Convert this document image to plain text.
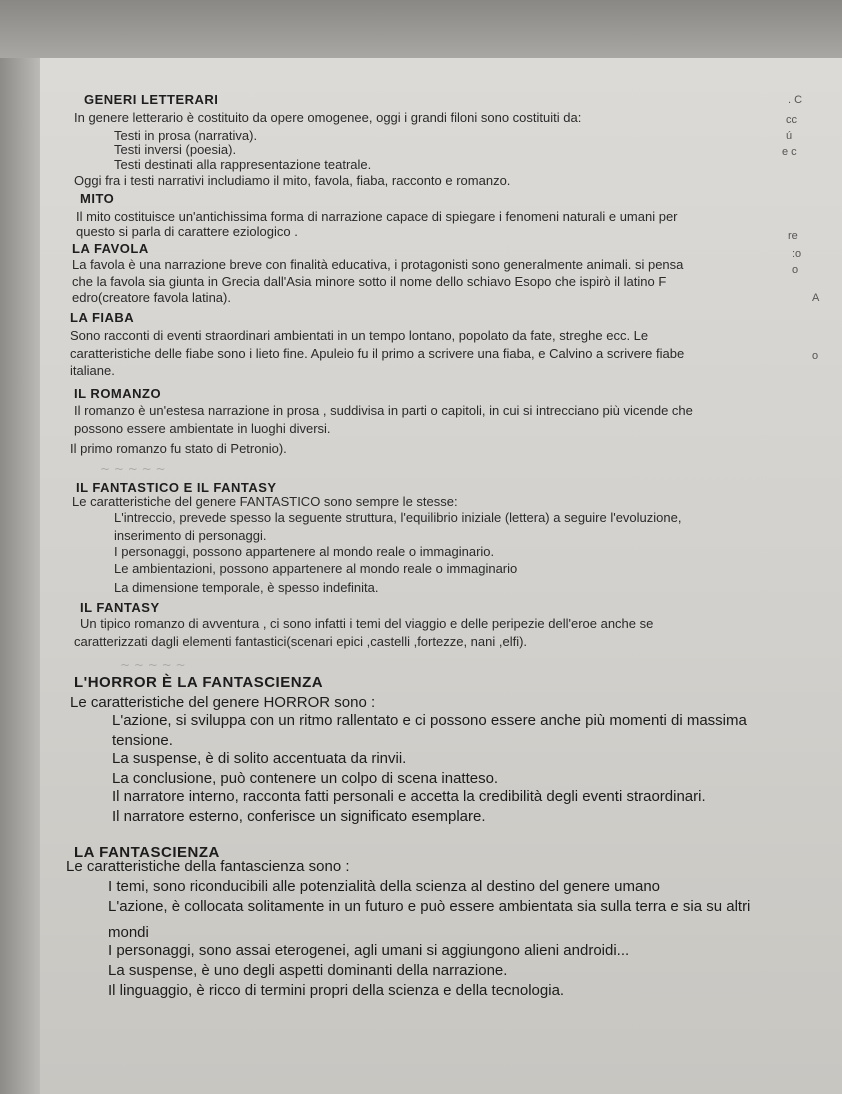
GENERI LETTERARI
In genere letterario è costituito da opere omogenee, oggi i grandi filoni sono costituiti da:
Testi in prosa (narrativa).
Testi inversi (poesia).
Testi destinati alla rappresentazione teatrale.
Oggi fra i testi narrativi includiamo il mito, favola, fiaba, racconto e romanzo.
MITO
Il mito costituisce un'antichissima forma di narrazione capace di spiegare i fenomeni naturali e umani per
questo si parla di carattere eziologico .
LA FAVOLA
La favola è una narrazione breve con finalità educativa, i protagonisti sono generalmente animali. si pensa
che la favola sia giunta in Grecia dall'Asia minore sotto il nome dello schiavo Esopo che ispirò il latino F
edro(creatore favola latina).
LA FIABA
Sono racconti di eventi straordinari ambientati in un tempo lontano, popolato da fate, streghe ecc. Le
caratteristiche delle fiabe sono i lieto fine. Apuleio fu il primo a scrivere una fiaba, e Calvino a scrivere fiabe
italiane.
IL ROMANZO
Il romanzo è un'estesa narrazione in prosa , suddivisa in parti o capitoli, in cui si intrecciano più vicende che
possono essere ambientate in luoghi diversi.
Il primo romanzo fu stato di Petronio).
~ ~ ~ ~ ~
IL FANTASTICO E IL FANTASY
Le caratteristiche del genere FANTASTICO sono sempre le stesse:
L'intreccio, prevede spesso la seguente struttura, l'equilibrio iniziale (lettera) a seguire l'evoluzione,
inserimento di personaggi.
I personaggi, possono appartenere al mondo reale o immaginario.
Le ambientazioni, possono appartenere al mondo reale o immaginario
La dimensione temporale, è spesso indefinita.
IL FANTASY
Un tipico romanzo di avventura , ci sono infatti i temi del viaggio e delle peripezie dell'eroe anche se
caratterizzati dagli elementi fantastici(scenari epici ,castelli ,fortezze, nani ,elfi).
~ ~ ~ ~ ~
L'HORROR È LA FANTASCIENZA
Le caratteristiche del genere HORROR sono :
L'azione, si sviluppa con un ritmo rallentato e ci possono essere anche più momenti di massima
tensione.
La suspense, è di solito accentuata da rinvii.
La conclusione, può contenere un colpo di scena inatteso.
Il narratore interno, racconta fatti personali e accetta la credibilità degli eventi straordinari.
Il narratore esterno, conferisce un significato esemplare.
LA FANTASCIENZA
Le caratteristiche della fantascienza sono :
I temi, sono riconducibili alle potenzialità della scienza al destino del genere umano
L'azione, è collocata solitamente in un futuro e può essere ambientata sia sulla terra e sia su altri
mondi
I personaggi, sono assai eterogenei, agli umani si aggiungono alieni androidi...
La suspense, è uno degli aspetti dominanti della narrazione.
Il linguaggio, è ricco di termini propri della scienza e della tecnologia.
. C
cc
ú
e c
re
:o
o
A
o
